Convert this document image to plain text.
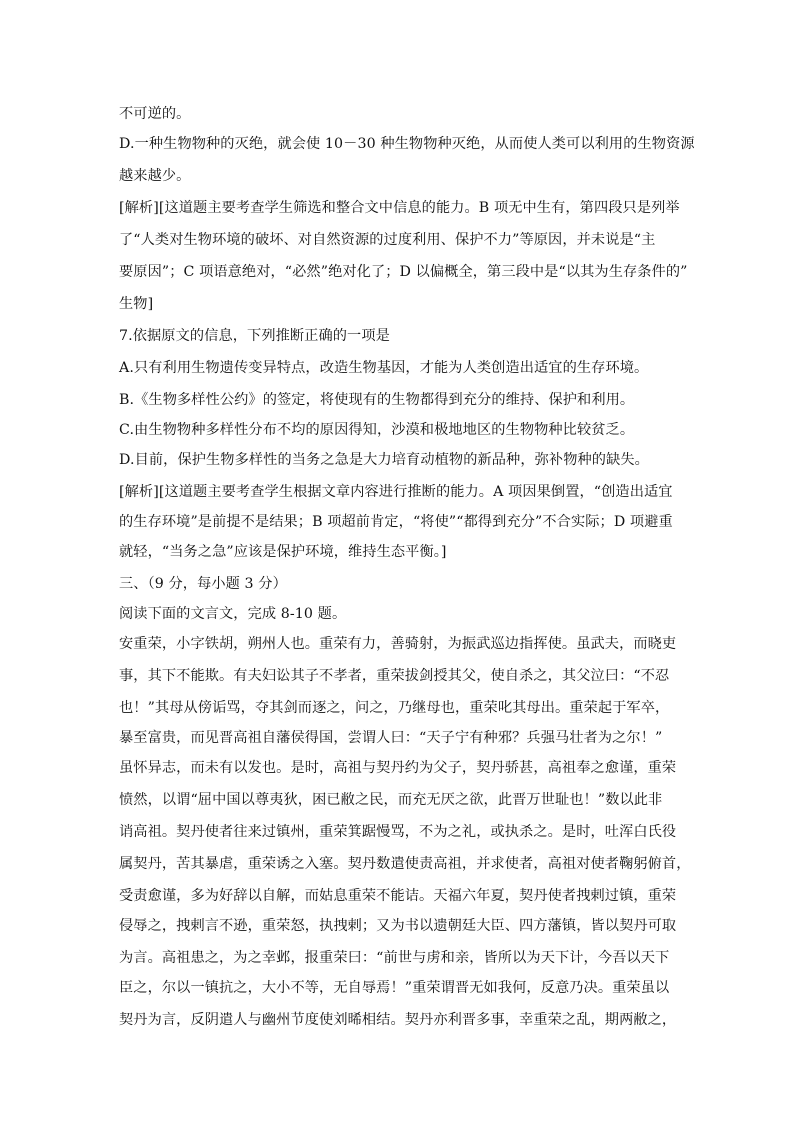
不可逆的。
D.一种生物物种的灭绝，就会使 10－30 种生物物种灭绝，从而使人类可以利用的生物资源
越来越少。
[解析][这道题主要考查学生筛选和整合文中信息的能力。B 项无中生有，第四段只是列举
了“人类对生物环境的破坏、对自然资源的过度利用、保护不力”等原因，并未说是“主
要原因”；C 项语意绝对，“必然”绝对化了；D 以偏概全，第三段中是“以其为生存条件的”
生物]
7.依据原文的信息，下列推断正确的一项是
A.只有利用生物遗传变异特点，改造生物基因，才能为人类创造出适宜的生存环境。
B.《生物多样性公约》的签定，将使现有的生物都得到充分的维持、保护和利用。
C.由生物物种多样性分布不均的原因得知，沙漠和极地地区的生物物种比较贫乏。
D.目前，保护生物多样性的当务之急是大力培育动植物的新品种，弥补物种的缺失。
[解析][这道题主要考查学生根据文章内容进行推断的能力。A 项因果倒置，“创造出适宜
的生存环境”是前提不是结果；B 项超前肯定，“将使”“都得到充分”不合实际；D 项避重
就轻，“当务之急”应该是保护环境，维持生态平衡。]
三、（9 分，每小题 3 分）
阅读下面的文言文，完成 8-10 题。
安重荣，小字铁胡，朔州人也。重荣有力，善骑射，为振武巡边指挥使。虽武夫，而晓吏
事，其下不能欺。有夫妇讼其子不孝者，重荣拔剑授其父，使自杀之，其父泣曰：“不忍
也！”其母从傍诟骂，夺其剑而逐之，问之，乃继母也，重荣叱其母出。重荣起于军卒，
暴至富贵，而见晋高祖自藩侯得国，尝谓人曰：“天子宁有种邪？兵强马壮者为之尔！”
虽怀异志，而未有以发也。是时，高祖与契丹约为父子，契丹骄甚，高祖奉之愈谨，重荣
愤然，以谓“屈中国以尊夷狄，困已敝之民，而充无厌之欲，此晋万世耻也！”数以此非
诮高祖。契丹使者往来过镇州，重荣箕踞慢骂，不为之礼，或执杀之。是时，吐浑白氏役
属契丹，苦其暴虐，重荣诱之入塞。契丹数遣使责高祖，并求使者，高祖对使者鞠躬俯首，
受责愈谨，多为好辞以自解，而姑息重荣不能诘。天福六年夏，契丹使者拽剌过镇，重荣
侵辱之，拽剌言不逊，重荣怒，执拽剌；又为书以遗朝廷大臣、四方藩镇，皆以契丹可取
为言。高祖患之，为之幸邺，报重荣曰：“前世与虏和亲，皆所以为天下计，今吾以天下
臣之，尔以一镇抗之，大小不等，无自辱焉！”重荣谓晋无如我何，反意乃决。重荣虽以
契丹为言，反阴遣人与幽州节度使刘晞相结。契丹亦利晋多事，幸重荣之乱，期两敝之，
